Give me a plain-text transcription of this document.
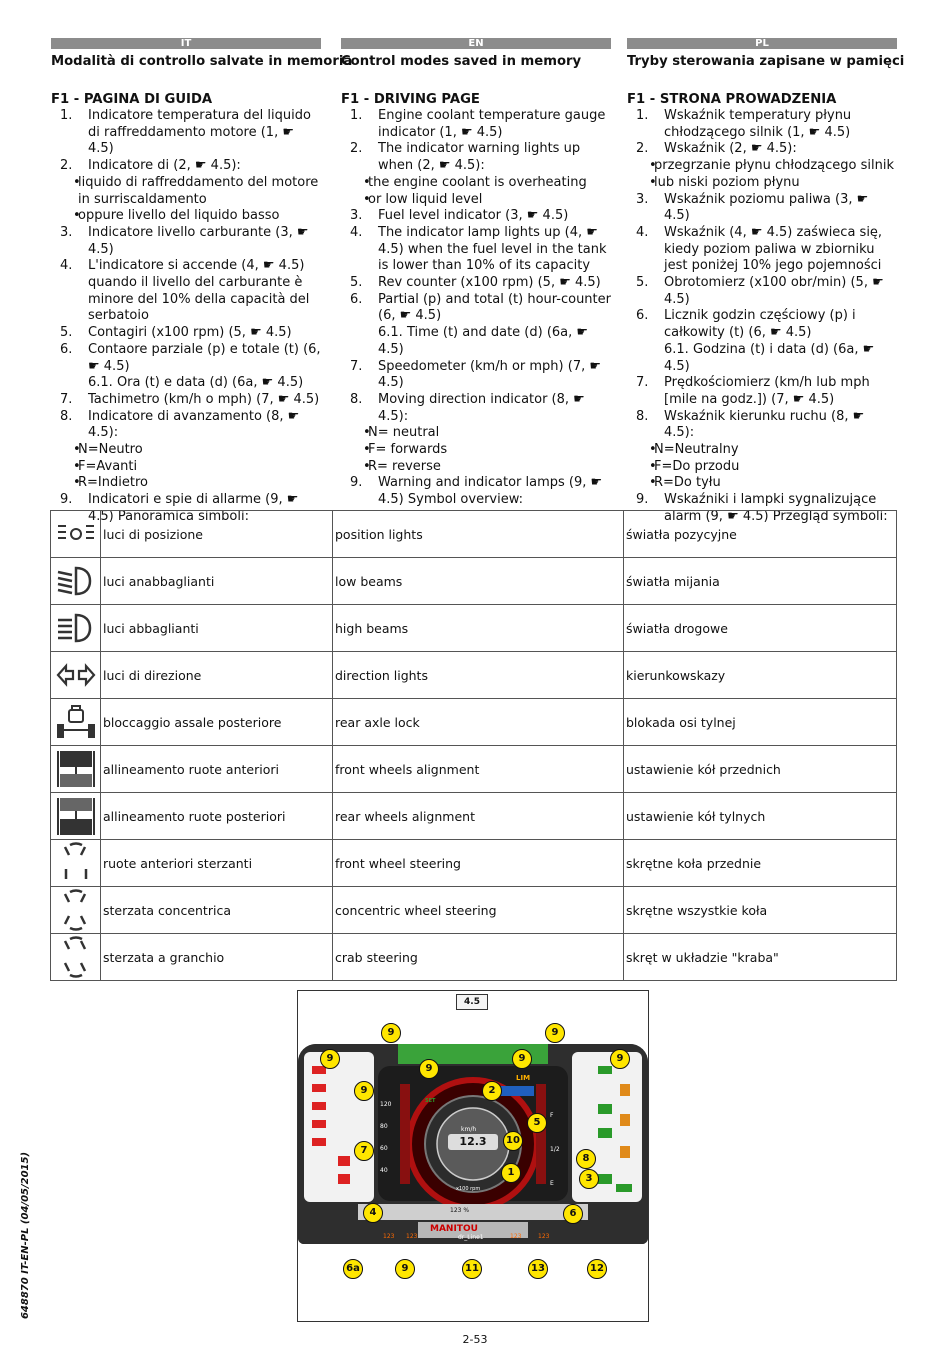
IT
Modalità di controllo salvate in memoria
F1 - PAGINA DI GUIDA
1. Indicatore temperatura del liquido di raffreddamento motore (1, ☛ 4.5)
2. Indicatore di (2, ☛ 4.5):
• liquido di raffreddamento del motore in surriscaldamento
• oppure livello del liquido basso
3. Indicatore livello carburante (3, ☛ 4.5)
4. L'indicatore si accende (4, ☛ 4.5) quando il livello del carburante è minore del 10% della capacità del serbatoio
5. Contagiri (x100 rpm) (5, ☛ 4.5)
6. Contaore parziale (p) e totale (t) (6, ☛ 4.5)
6.1. Ora (t) e data (d) (6a, ☛ 4.5)
7. Tachimetro (km/h o mph) (7, ☛ 4.5)
8. Indicatore di avanzamento (8, ☛ 4.5):
• N=Neutro
• F=Avanti
• R=Indietro
9. Indicatori e spie di allarme (9, ☛ 4.5) Panoramica simboli:
EN
Control modes saved in memory
F1 - DRIVING PAGE
1. Engine coolant temperature gauge indicator (1, ☛ 4.5)
2. The indicator warning lights up when (2, ☛ 4.5):
• the engine coolant is overheating
• or low liquid level
3. Fuel level indicator (3, ☛ 4.5)
4. The indicator lamp lights up (4, ☛ 4.5) when the fuel level in the tank is lower than 10% of its capacity
5. Rev counter (x100 rpm) (5, ☛ 4.5)
6. Partial (p) and total (t) hour-counter (6, ☛ 4.5)
6.1. Time (t) and date (d) (6a, ☛ 4.5)
7. Speedometer (km/h or mph) (7, ☛ 4.5)
8. Moving direction indicator (8, ☛ 4.5):
• N= neutral
• F= forwards
• R= reverse
9. Warning and indicator lamps (9, ☛ 4.5) Symbol overview:
PL
Tryby sterowania zapisane w pamięci
F1 - STRONA PROWADZENIA
1. Wskaźnik temperatury płynu chłodzącego silnik (1, ☛ 4.5)
2. Wskaźnik (2, ☛ 4.5):
• przegrzanie płynu chłodzącego silnik
• lub niski poziom płynu
3. Wskaźnik poziomu paliwa (3, ☛ 4.5)
4. Wskaźnik (4, ☛ 4.5) zaświeca się, kiedy poziom paliwa w zbiorniku jest poniżej 10% jego pojemności
5. Obrotomierz (x100 obr/min) (5, ☛ 4.5)
6. Licznik godzin częściowy (p) i całkowity (t) (6, ☛ 4.5)
6.1. Godzina (t) i data (d) (6a, ☛ 4.5)
7. Prędkościomierz (km/h lub mph [mile na godz.]) (7, ☛ 4.5)
8. Wskaźnik kierunku ruchu (8, ☛ 4.5):
• N=Neutralny
• F=Do przodu
• R=Do tyłu
9. Wskaźniki i lampki sygnalizujące alarm (9, ☛ 4.5) Przegląd symboli:
	luci di posizione	position lights	światła pozycyjne

	luci anabbaglianti	low beams	światła mijania

	luci abbaglianti	high beams	światła drogowe

	luci di direzione	direction lights	kierunkowskazy

	bloccaggio assale posteriore	rear axle lock	blokada osi tylnej

	allineamento ruote anteriori	front wheels alignment	ustawienie kół przednich

	allineamento ruote posteriori	rear wheels alignment	ustawienie kół tylnych

	ruote anteriori sterzanti	front wheel steering	skrętne koła przednie

	sterzata concentrica	concentric wheel steering	skrętne wszystkie koła

	sterzata a granchio	crab steering	skręt w układzie "kraba"
4.5
120
80
60
40
F
1/2
E
km/h
12.3
x100 rpm
LIM
SET
123 %
MANITOU
dr_Line1
123 123	123	123
9	9
9	9	9
9
9	2
5
10
7
1
8
3
4	6
6a	9	11	13	12
2-53
648870 IT-EN-PL (04/05/2015)
